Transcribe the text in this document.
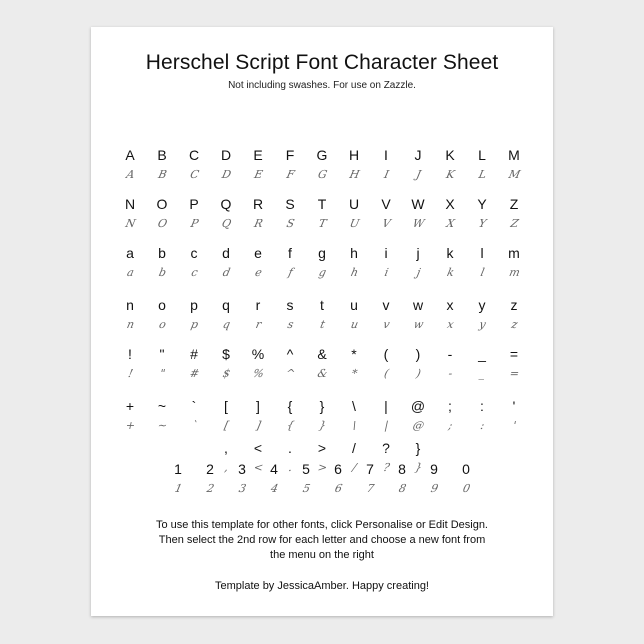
Herschel Script Font Character Sheet
Not including swashes. For use on Zazzle.
A	B	C	D	E	F	G	H	I	J	K	L	M
A	B	C	D	E	F	G	H	I	J	K	L	M
N	O	P	Q	R	S	T	U	V	W	X	Y	Z
N	O	P	Q	R	S	T	U	V	W	X	Y	Z
a	b	c	d	e	f	g	h	i	j	k	l	m
a	b	c	d	e	f	g	h	i	j	k	l	m
n	o	p	q	r	s	t	u	v	w	x	y	z
n	o	p	q	r	s	t	u	v	w	x	y	z
!	"	#	$	%	^	&	*	(	)	-	_	=
!	"	#	$	%	^	&	*	(	)	-	_	=
+	~	`	[	]	{	}	\	|	@	;	:	'
+	~	`	[	]	{	}	\	|	@	;	:	'
,	<	.	>	/	?	}
,	<	.	>	/	?	}
1	2	3	4	5	6	7	8	9	0
1	2	3	4	5	6	7	8	9	0
To use this template for other fonts, click Personalise or Edit Design.
Then select the 2nd row for each letter and choose a new font from
the menu on the right
Template by JessicaAmber. Happy creating!
